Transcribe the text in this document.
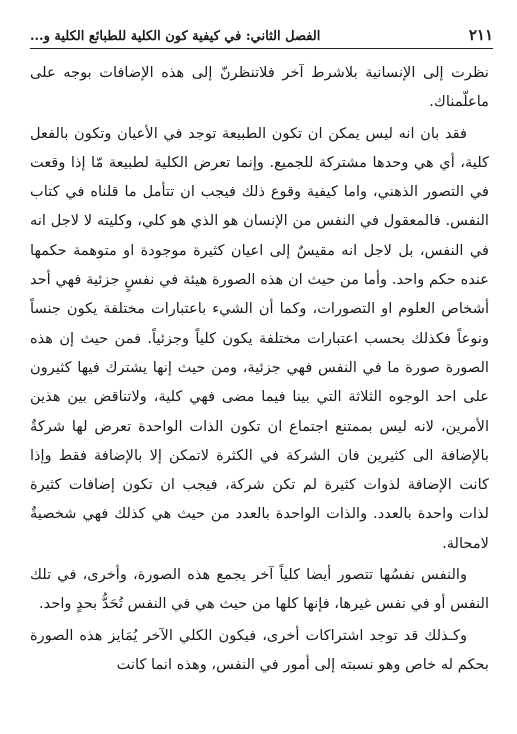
٢١١
الفصل الثاني: في كيفية كون الكلية للطبائع الكلية و...

نظرت إلى الإنسانية بلاشرط آخر فلاتنظرنّ إلى هذه الإضافات بوجه على ماعلّمناك.

فقد بان انه ليس يمكن ان تكون الطبيعة توجد في الأعيان وتكون بالفعل كلية، أي هي وحدها مشتركة للجميع. وإنما تعرض الكلية لطبيعة مّا إذا وقعت في التصور الذهني، واما كيفية وقوع ذلك فيجب ان تتأمل ما قلناه في كتاب النفس. فالمعقول في النفس من الإنسان هو الذي هو كلي، وكليته لا لاجل انه في النفس، بل لاجل انه مقيسٌ إلى اعيان كثيرة موجودة او متوهمة حكمها عنده حكم واحد. وأما من حيث ان هذه الصورة هيئة في نفسٍ جزئية فهي أحد أشخاص العلوم او التصورات، وكما أن الشيء باعتبارات مختلفة يكون جنساً ونوعاً فكذلك بحسب اعتبارات مختلفة يكون كلياً وجزئياً. فمن حيث إن هذه الصورة صورة ما في النفس فهي جزئية، ومن حيث إنها يشترك فيها كثيرون على احد الوجوه الثلاثة التي بينا فيما مضى فهي كلية، ولاتناقض بين هذين الأمرين، لانه ليس بممتنع اجتماع ان تكون الذات الواحدة تعرض لها شركةٌ بالإضافة الى كثيرين فان الشركة في الكثرة لاتمكن إلا بالإضافة فقط وإذا كانت الإضافة لذوات كثيرة لم تكن شركة، فيجب ان تكون إضافات كثيرة لذات واحدة بالعدد. والذات الواحدة بالعدد من حيث هي كذلك فهي شخصيةٌ لامحالة.

والنفس نفسُها تتصور أيضا كلياً آخر يجمع هذه الصورة، وأخرى، في تلك النفس أو في نفس غيرها، فإنها كلها من حيث هي في النفس تُحَدُّ بحدٍ واحد.

وكـذلك قد توجد اشتراكات أخرى، فيكون الكلي الآخر يُمَايز هذه الصورة بحكم له خاص وهو نسبته إلى أمور في النفس، وهذه انما كانت
